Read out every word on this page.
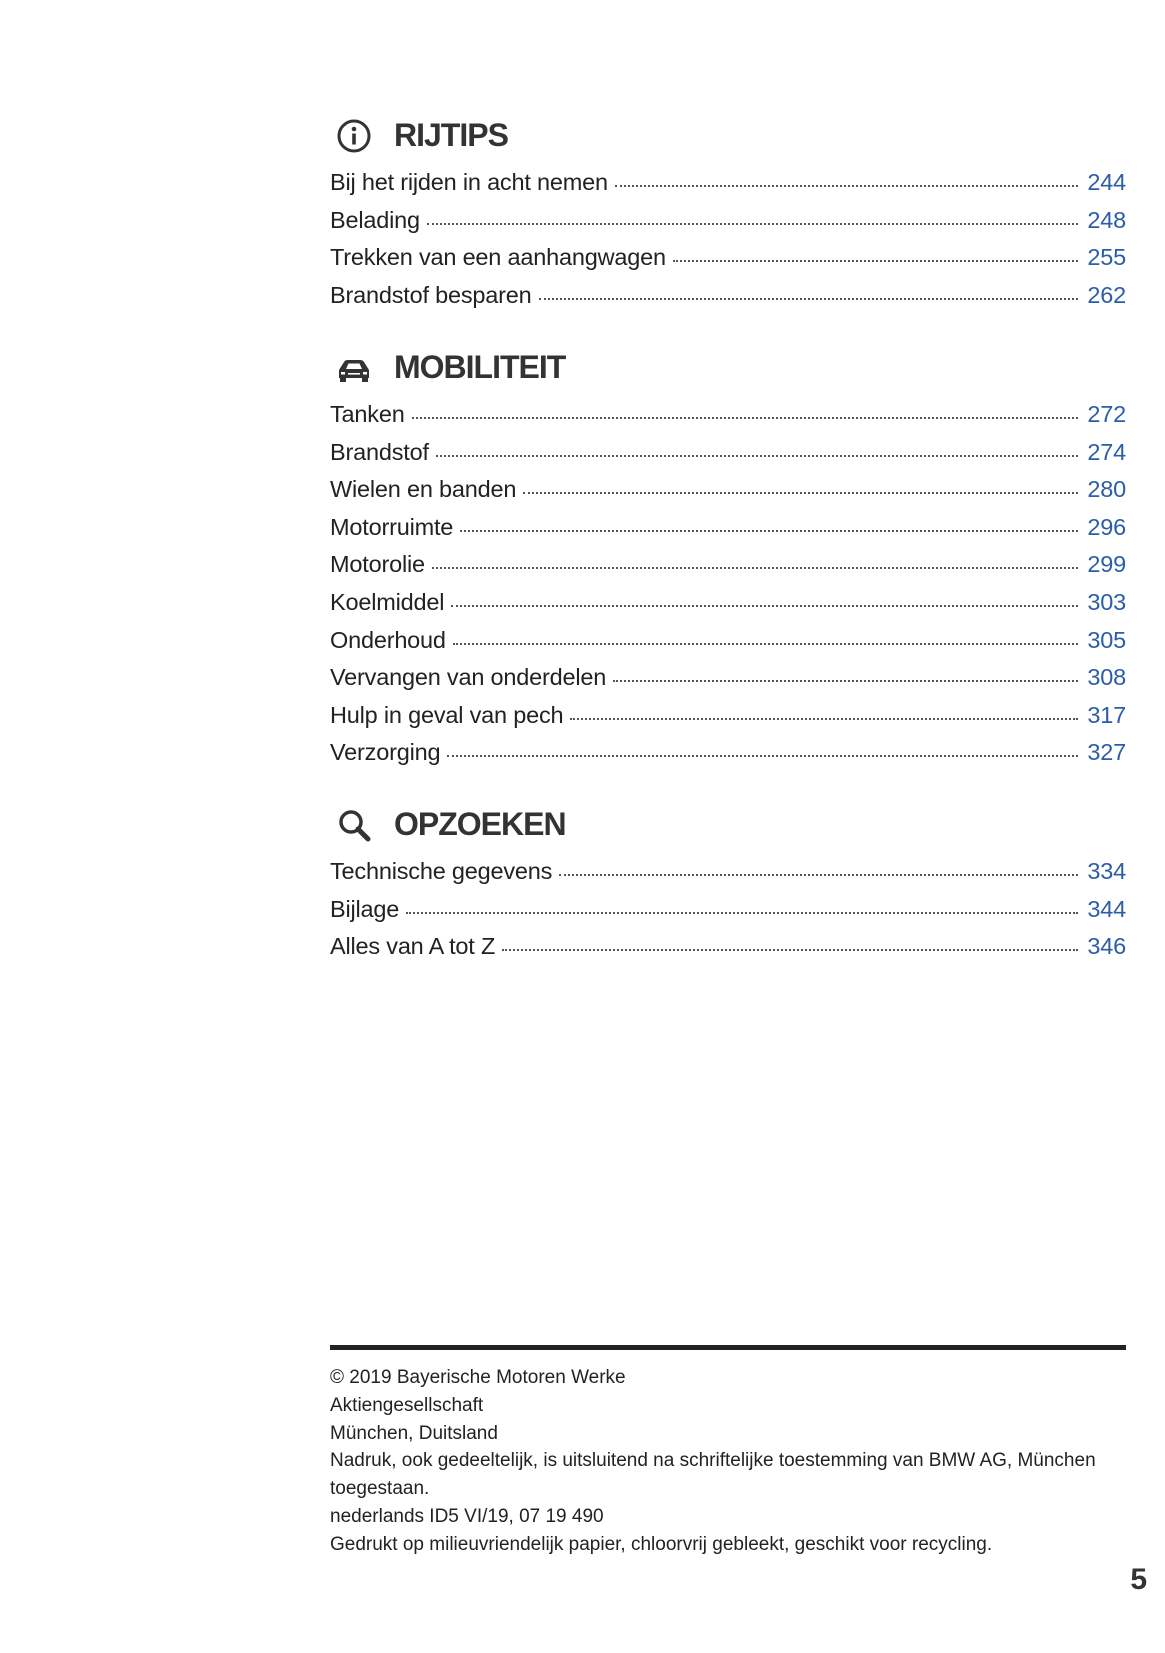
RIJTIPS
Bij het rijden in acht nemen	244
Belading	248
Trekken van een aanhangwagen	255
Brandstof besparen	262
MOBILITEIT
Tanken	272
Brandstof	274
Wielen en banden	280
Motorruimte	296
Motorolie	299
Koelmiddel	303
Onderhoud	305
Vervangen van onderdelen	308
Hulp in geval van pech	317
Verzorging	327
OPZOEKEN
Technische gegevens	334
Bijlage	344
Alles van A tot Z	346
© 2019 Bayerische Motoren Werke
Aktiengesellschaft
München, Duitsland
Nadruk, ook gedeeltelijk, is uitsluitend na schriftelijke toestemming van BMW AG, München
toegestaan.
nederlands ID5 VI/19, 07 19 490
Gedrukt op milieuvriendelijk papier, chloorvrij gebleekt, geschikt voor recycling.
5
